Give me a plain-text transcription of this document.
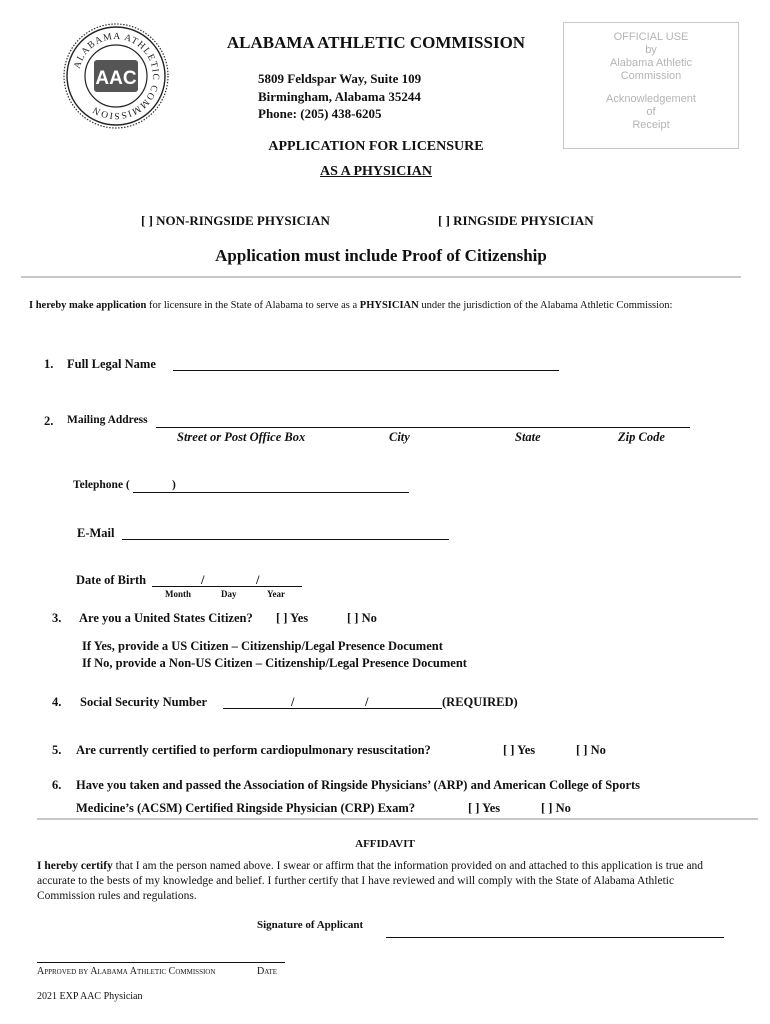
ALABAMA ATHLETIC COMMISSION
AAC
ALABAMA ATHLETIC COMMISSION
5809 Feldspar Way, Suite 109
Birmingham, Alabama 35244
Phone: (205) 438-6205
OFFICIAL USE
by
Alabama Athletic
Commission
Acknowledgement
of
Receipt
APPLICATION FOR LICENSURE
AS A PHYSICIAN
[ ] NON-RINGSIDE PHYSICIAN	[ ] RINGSIDE PHYSICIAN
Application must include Proof of Citizenship
I hereby make application for licensure in the State of Alabama to serve as a PHYSICIAN under the jurisdiction of the Alabama Athletic Commission:
1. Full Legal Name
2. Mailing Address
Street or Post Office Box	City	State	Zip Code
Telephone (	)
E-Mail
Date of Birth	/	/
Month	Day	Year
3. Are you a United States Citizen? [ ] Yes	[ ] No
If Yes, provide a US Citizen – Citizenship/Legal Presence Document
If No, provide a Non-US Citizen – Citizenship/Legal Presence Document
4. Social Security Number	/	/	(REQUIRED)
5. Are currently certified to perform cardiopulmonary resuscitation?	[ ] Yes	[ ] No
6. Have you taken and passed the Association of Ringside Physicians’ (ARP) and American College of Sports
Medicine’s (ACSM) Certified Ringside Physician (CRP) Exam?	[ ] Yes	[ ] No
AFFIDAVIT
I hereby certify that I am the person named above. I swear or affirm that the information provided on and attached to this application is true and accurate to the bests of my knowledge and belief. I further certify that I have reviewed and will comply with the State of Alabama Athletic Commission rules and regulations.
Signature of Applicant
Approved by Alabama Athletic Commission	Date
2021 EXP AAC Physician
